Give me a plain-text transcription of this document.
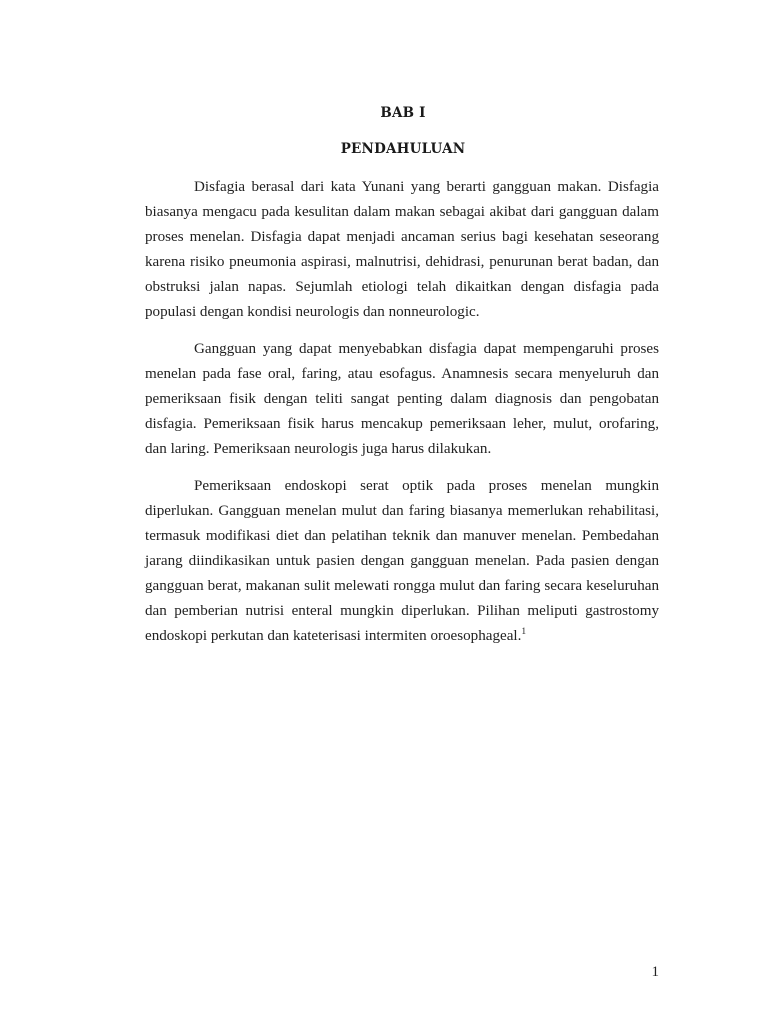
BAB I
PENDAHULUAN

Disfagia berasal dari kata Yunani yang berarti gangguan makan. Disfagia biasanya mengacu pada kesulitan dalam makan sebagai akibat dari gangguan dalam proses menelan. Disfagia dapat menjadi ancaman serius bagi kesehatan seseorang karena risiko pneumonia aspirasi, malnutrisi, dehidrasi, penurunan berat badan, dan obstruksi jalan napas. Sejumlah etiologi telah dikaitkan dengan disfagia pada populasi dengan kondisi neurologis dan nonneurologic.

Gangguan yang dapat menyebabkan disfagia dapat mempengaruhi proses menelan pada fase oral, faring, atau esofagus. Anamnesis secara menyeluruh dan pemeriksaan fisik dengan teliti sangat penting dalam diagnosis dan pengobatan disfagia. Pemeriksaan fisik harus mencakup pemeriksaan leher, mulut, orofaring, dan laring. Pemeriksaan neurologis juga harus dilakukan.

Pemeriksaan endoskopi serat optik pada proses menelan mungkin diperlukan. Gangguan menelan mulut dan faring biasanya memerlukan rehabilitasi, termasuk modifikasi diet dan pelatihan teknik dan manuver menelan. Pembedahan jarang diindikasikan untuk pasien dengan gangguan menelan. Pada pasien dengan gangguan berat, makanan sulit melewati rongga mulut dan faring secara keseluruhan dan pemberian nutrisi enteral mungkin diperlukan. Pilihan meliputi gastrostomy endoskopi perkutan dan kateterisasi intermiten oroesophageal.$^1$

1
